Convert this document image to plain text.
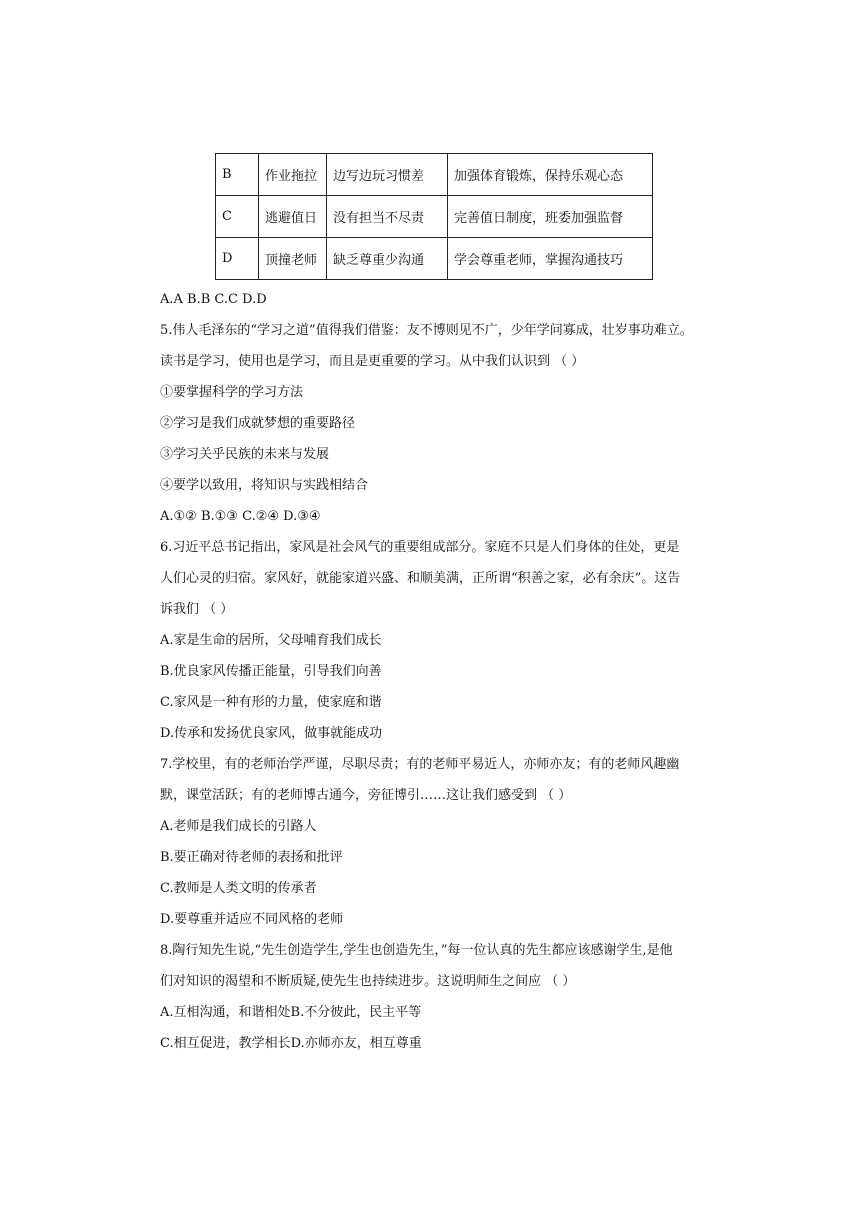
B	作业拖拉	边写边玩习惯差	加强体育锻炼，保持乐观心态
C	逃避值日	没有担当不尽责	完善值日制度，班委加强监督
D	顶撞老师	缺乏尊重少沟通	学会尊重老师，掌握沟通技巧
A.A B.B C.C D.D
5.伟人毛泽东的“学习之道”值得我们借鉴：友不博则见不广，少年学问寡成，壮岁事功难立。
读书是学习，使用也是学习，而且是更重要的学习。从中我们认识到 （ ）
①要掌握科学的学习方法
②学习是我们成就梦想的重要路径
③学习关乎民族的未来与发展
④要学以致用，将知识与实践相结合
A.①② B.①③ C.②④ D.③④
6.习近平总书记指出，家风是社会风气的重要组成部分。家庭不只是人们身体的住处，更是
人们心灵的归宿。家风好，就能家道兴盛、和顺美满，正所谓“积善之家，必有余庆”。这告
诉我们 （ ）
A.家是生命的居所，父母哺育我们成长
B.优良家风传播正能量，引导我们向善
C.家风是一种有形的力量，使家庭和谐
D.传承和发扬优良家风，做事就能成功
7.学校里，有的老师治学严谨，尽职尽责；有的老师平易近人，亦师亦友；有的老师风趣幽
默，课堂活跃；有的老师博古通今，旁征博引……这让我们感受到 （ ）
A.老师是我们成长的引路人
B.要正确对待老师的表扬和批评
C.教师是人类文明的传承者
D.要尊重并适应不同风格的老师
8.陶行知先生说,“先生创造学生,学生也创造先生，”每一位认真的先生都应该感谢学生,是他
们对知识的渴望和不断质疑,使先生也持续进步。这说明师生之间应 （ ）
A.互相沟通，和谐相处B.不分彼此，民主平等
C.相互促进，教学相长D.亦师亦友，相互尊重
